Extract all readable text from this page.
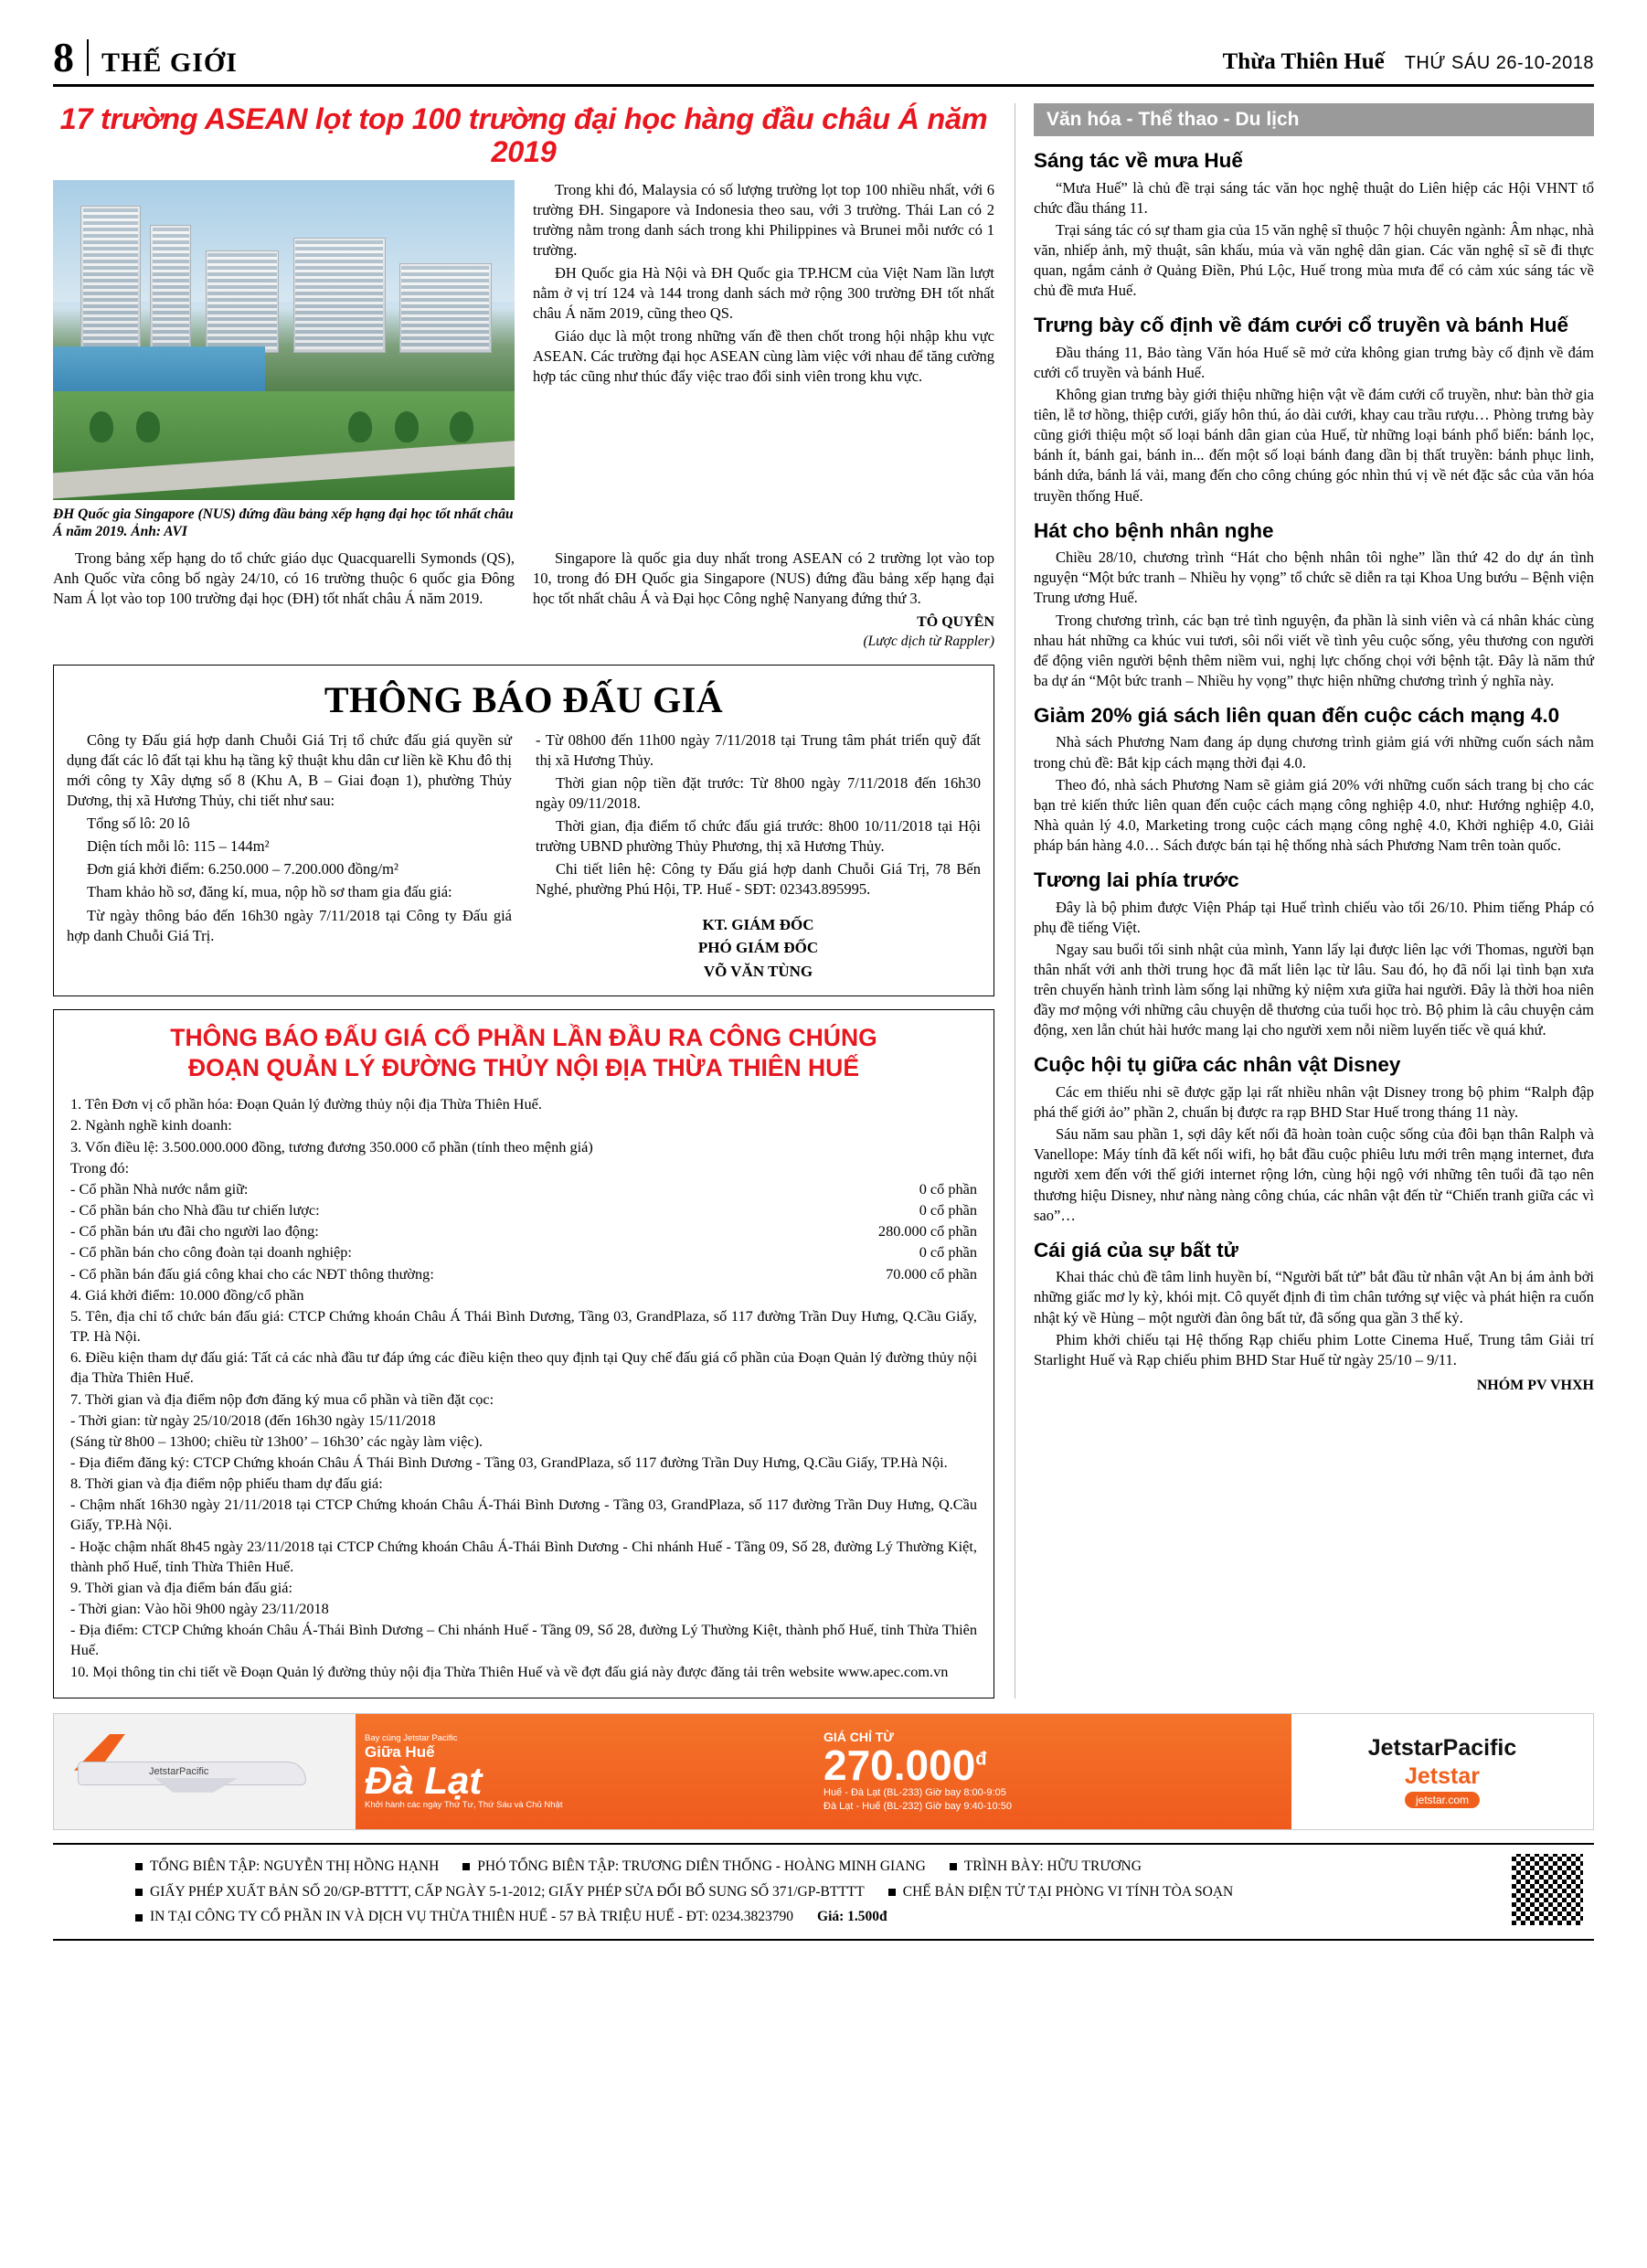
8 THẾ GIỚI	Thừa Thiên Huế THỨ SÁU 26-10-2018
17 trường ASEAN lọt top 100 trường đại học hàng đầu châu Á năm 2019
ĐH Quốc gia Singapore (NUS) đứng đầu bảng xếp hạng đại học tốt nhất châu Á năm 2019. Ảnh: AVI

Trong khi đó, Malaysia có số lượng trường lọt top 100 nhiều nhất, với 6 trường ĐH. Singapore và Indonesia theo sau, với 3 trường. Thái Lan có 2 trường nằm trong danh sách trong khi Philippines và Brunei mỗi nước có 1 trường.

ĐH Quốc gia Hà Nội và ĐH Quốc gia TP.HCM của Việt Nam lần lượt nằm ở vị trí 124 và 144 trong danh sách mở rộng 300 trường ĐH tốt nhất châu Á năm 2019, cũng theo QS.

Giáo dục là một trong những vấn đề then chốt trong hội nhập khu vực ASEAN. Các trường đại học ASEAN cùng làm việc với nhau để tăng cường hợp tác cũng như thúc đẩy việc trao đổi sinh viên trong khu vực.

Trong bảng xếp hạng do tổ chức giáo dục Quacquarelli Symonds (QS), Anh Quốc vừa công bố ngày 24/10, có 16 trường thuộc 6 quốc gia Đông Nam Á lọt vào top 100 trường đại học (ĐH) tốt nhất châu Á năm 2019.

Singapore là quốc gia duy nhất trong ASEAN có 2 trường lọt vào top 10, trong đó ĐH Quốc gia Singapore (NUS) đứng đầu bảng xếp hạng đại học tốt nhất châu Á và Đại học Công nghệ Nanyang đứng thứ 3.

TÔ QUYÊN
(Lược dịch từ Rappler)
THÔNG BÁO ĐẤU GIÁ

Công ty Đấu giá hợp danh Chuỗi Giá Trị tổ chức đấu giá quyền sử dụng đất các lô đất tại khu hạ tầng kỹ thuật khu dân cư liền kề Khu đô thị mới công ty Xây dựng số 8 (Khu A, B – Giai đoạn 1), phường Thủy Dương, thị xã Hương Thủy, chi tiết như sau:

Tổng số lô: 20 lô

Diện tích mỗi lô: 115 – 144m²

Đơn giá khởi điểm: 6.250.000 – 7.200.000 đồng/m²

Tham khảo hồ sơ, đăng kí, mua, nộp hồ sơ tham gia đấu giá:

Từ ngày thông báo đến 16h30 ngày 7/11/2018 tại Công ty Đấu giá hợp danh Chuỗi Giá Trị.

- Từ 08h00 đến 11h00 ngày 7/11/2018 tại Trung tâm phát triển quỹ đất thị xã Hương Thủy.

Thời gian nộp tiền đặt trước: Từ 8h00 ngày 7/11/2018 đến 16h30 ngày 09/11/2018.

Thời gian, địa điểm tổ chức đấu giá trước: 8h00 10/11/2018 tại Hội trường UBND phường Thủy Phương, thị xã Hương Thủy.

Chi tiết liên hệ: Công ty Đấu giá hợp danh Chuỗi Giá Trị, 78 Bến Nghé, phường Phú Hội, TP. Huế - SĐT: 02343.895995.

KT. GIÁM ĐỐC
PHÓ GIÁM ĐỐC
VÕ VĂN TÙNG
THÔNG BÁO ĐẤU GIÁ CỔ PHẦN LẦN ĐẦU RA CÔNG CHÚNG
ĐOẠN QUẢN LÝ ĐƯỜNG THỦY NỘI ĐỊA THỪA THIÊN HUẾ

1. Tên Đơn vị cổ phần hóa: Đoạn Quản lý đường thủy nội địa Thừa Thiên Huế.

2. Ngành nghề kinh doanh:

3. Vốn điều lệ: 3.500.000.000 đồng, tương đương 350.000 cổ phần (tính theo mệnh giá)

Trong đó:

- Cổ phần Nhà nước nắm giữ:	0 cổ phần

- Cổ phần bán cho Nhà đầu tư chiến lược:	0 cổ phần

- Cổ phần bán ưu đãi cho người lao động:	280.000 cổ phần

- Cổ phần bán cho công đoàn tại doanh nghiệp:	0 cổ phần

- Cổ phần bán đấu giá công khai cho các NĐT thông thường:	70.000 cổ phần

4. Giá khởi điểm: 10.000 đồng/cổ phần

5. Tên, địa chỉ tổ chức bán đấu giá: CTCP Chứng khoán Châu Á Thái Bình Dương, Tầng 03, GrandPlaza, số 117 đường Trần Duy Hưng, Q.Cầu Giấy, TP. Hà Nội.

6. Điều kiện tham dự đấu giá: Tất cả các nhà đầu tư đáp ứng các điều kiện theo quy định tại Quy chế đấu giá cổ phần của Đoạn Quản lý đường thủy nội địa Thừa Thiên Huế.

7. Thời gian và địa điểm nộp đơn đăng ký mua cổ phần và tiền đặt cọc:

- Thời gian: từ ngày 25/10/2018 (đến 16h30 ngày 15/11/2018

(Sáng từ 8h00 – 13h00; chiều từ 13h00’ – 16h30’ các ngày làm việc).

- Địa điểm đăng ký: CTCP Chứng khoán Châu Á Thái Bình Dương - Tầng 03, GrandPlaza, số 117 đường Trần Duy Hưng, Q.Cầu Giấy, TP.Hà Nội.

8. Thời gian và địa điểm nộp phiếu tham dự đấu giá:

- Chậm nhất 16h30 ngày 21/11/2018 tại CTCP Chứng khoán Châu Á-Thái Bình Dương - Tầng 03, GrandPlaza, số 117 đường Trần Duy Hưng, Q.Cầu Giấy, TP.Hà Nội.

- Hoặc chậm nhất 8h45 ngày 23/11/2018 tại CTCP Chứng khoán Châu Á-Thái Bình Dương - Chi nhánh Huế - Tầng 09, Số 28, đường Lý Thường Kiệt, thành phố Huế, tỉnh Thừa Thiên Huế.

9. Thời gian và địa điểm bán đấu giá:

- Thời gian: Vào hồi 9h00 ngày 23/11/2018

- Địa điểm: CTCP Chứng khoán Châu Á-Thái Bình Dương – Chi nhánh Huế - Tầng 09, Số 28, đường Lý Thường Kiệt, thành phố Huế, tỉnh Thừa Thiên Huế.

10. Mọi thông tin chi tiết về Đoạn Quản lý đường thủy nội địa Thừa Thiên Huế và về đợt đấu giá này được đăng tải trên website www.apec.com.vn

Văn hóa - Thể thao - Du lịch
Sáng tác về mưa Huế

“Mưa Huế” là chủ đề trại sáng tác văn học nghệ thuật do Liên hiệp các Hội VHNT tổ chức đầu tháng 11.

Trại sáng tác có sự tham gia của 15 văn nghệ sĩ thuộc 7 hội chuyên ngành: Âm nhạc, nhà văn, nhiếp ảnh, mỹ thuật, sân khấu, múa và văn nghệ dân gian. Các văn nghệ sĩ sẽ đi thực quan, ngắm cảnh ở Quảng Điền, Phú Lộc, Huế trong mùa mưa để có cảm xúc sáng tác về chủ đề mưa Huế.

Trưng bày cố định về đám cưới cổ truyền và bánh Huế

Đầu tháng 11, Bảo tàng Văn hóa Huế sẽ mở cửa không gian trưng bày cố định về đám cưới cổ truyền và bánh Huế.

Không gian trưng bày giới thiệu những hiện vật về đám cưới cổ truyền, như: bàn thờ gia tiên, lễ tơ hồng, thiệp cưới, giấy hôn thú, áo dài cưới, khay cau trầu rượu… Phòng trưng bày cũng giới thiệu một số loại bánh dân gian của Huế, từ những loại bánh phổ biến: bánh lọc, bánh ít, bánh gai, bánh in... đến một số loại bánh đang dần bị thất truyền: bánh phục linh, bánh dứa, bánh lá vải, mang đến cho công chúng góc nhìn thú vị về nét đặc sắc của văn hóa truyền thống Huế.

Hát cho bệnh nhân nghe

Chiều 28/10, chương trình “Hát cho bệnh nhân tôi nghe” lần thứ 42 do dự án tình nguyện “Một bức tranh – Nhiều hy vọng” tổ chức sẽ diễn ra tại Khoa Ung bướu – Bệnh viện Trung ương Huế.

Trong chương trình, các bạn trẻ tình nguyện, đa phần là sinh viên và cá nhân khác cùng nhau hát những ca khúc vui tươi, sôi nổi viết về tình yêu cuộc sống, yêu thương con người để động viên người bệnh thêm niềm vui, nghị lực chống chọi với bệnh tật. Đây là năm thứ ba dự án “Một bức tranh – Nhiều hy vọng” thực hiện những chương trình ý nghĩa này.

Giảm 20% giá sách liên quan đến cuộc cách mạng 4.0

Nhà sách Phương Nam đang áp dụng chương trình giảm giá với những cuốn sách nằm trong chủ đề: Bắt kịp cách mạng thời đại 4.0.

Theo đó, nhà sách Phương Nam sẽ giảm giá 20% với những cuốn sách trang bị cho các bạn trẻ kiến thức liên quan đến cuộc cách mạng công nghiệp 4.0, như: Hướng nghiệp 4.0, Nhà quản lý 4.0, Marketing trong cuộc cách mạng công nghệ 4.0, Khởi nghiệp 4.0, Giải pháp bán hàng 4.0… Sách được bán tại hệ thống nhà sách Phương Nam trên toàn quốc.

Tương lai phía trước

Đây là bộ phim được Viện Pháp tại Huế trình chiếu vào tối 26/10. Phim tiếng Pháp có phụ đề tiếng Việt.

Ngay sau buổi tối sinh nhật của mình, Yann lấy lại được liên lạc với Thomas, người bạn thân nhất với anh thời trung học đã mất liên lạc từ lâu. Sau đó, họ đã nối lại tình bạn xưa trên chuyến hành trình làm sống lại những kỷ niệm xưa giữa hai người. Đây là thời hoa niên đầy mơ mộng với những câu chuyện dễ thương của tuổi học trò. Bộ phim là câu chuyện cảm động, xen lẫn chút hài hước mang lại cho người xem nỗi niềm luyến tiếc về quá khứ.

Cuộc hội tụ giữa các nhân vật Disney

Các em thiếu nhi sẽ được gặp lại rất nhiều nhân vật Disney trong bộ phim “Ralph đập phá thế giới ảo” phần 2, chuẩn bị được ra rạp BHD Star Huế trong tháng 11 này.

Sáu năm sau phần 1, sợi dây kết nối đã hoàn toàn cuộc sống của đôi bạn thân Ralph và Vanellope: Máy tính đã kết nối wifi, họ bắt đầu cuộc phiêu lưu mới trên mạng internet, đưa người xem đến với thế giới internet rộng lớn, cùng hội ngộ với những tên tuổi đã tạo nên thương hiệu Disney, như nàng nàng công chúa, các nhân vật đến từ “Chiến tranh giữa các vì sao”…

Cái giá của sự bất tử

Khai thác chủ đề tâm linh huyền bí, “Người bất tử” bắt đầu từ nhân vật An bị ám ảnh bởi những giấc mơ ly kỳ, khói mịt. Cô quyết định đi tìm chân tướng sự việc và phát hiện ra cuốn nhật ký về Hùng – một người đàn ông bất tử, đã sống qua gần 3 thế kỷ.

Phim khởi chiếu tại Hệ thống Rạp chiếu phim Lotte Cinema Huế, Trung tâm Giải trí Starlight Huế và Rạp chiếu phim BHD Star Huế từ ngày 25/10 – 9/11.

NHÓM PV VHXH
JetstarPacific
Bay cùng Jetstar Pacific
Giữa Huế
Đà Lạt
Khởi hành các ngày Thứ Tư, Thứ Sáu và Chủ Nhật
GIÁ CHỈ TỪ
$270.000^đ$
Huế - Đà Lạt (BL-233) Giờ bay 8:00-9:05
Đà Lạt - Huế (BL-232) Giờ bay 9:40-10:50
JetstarPacific
Jetstar
jetstar.com
TỔNG BIÊN TẬP: NGUYỄN THỊ HỒNG HẠNH	PHÓ TỔNG BIÊN TẬP: TRƯƠNG DIÊN THỐNG - HOÀNG MINH GIANG	TRÌNH BÀY: HỮU TRƯƠNG
GIẤY PHÉP XUẤT BẢN SỐ 20/GP-BTTTT, CẤP NGÀY 5-1-2012; GIẤY PHÉP SỬA ĐỔI BỔ SUNG SỐ 371/GP-BTTTT	CHẾ BẢN ĐIỆN TỬ TẠI PHÒNG VI TÍNH TÒA SOẠN
IN TẠI CÔNG TY CỔ PHẦN IN VÀ DỊCH VỤ THỪA THIÊN HUẾ - 57 BÀ TRIỆU HUẾ - ĐT: 0234.3823790 Giá: 1.500đ
